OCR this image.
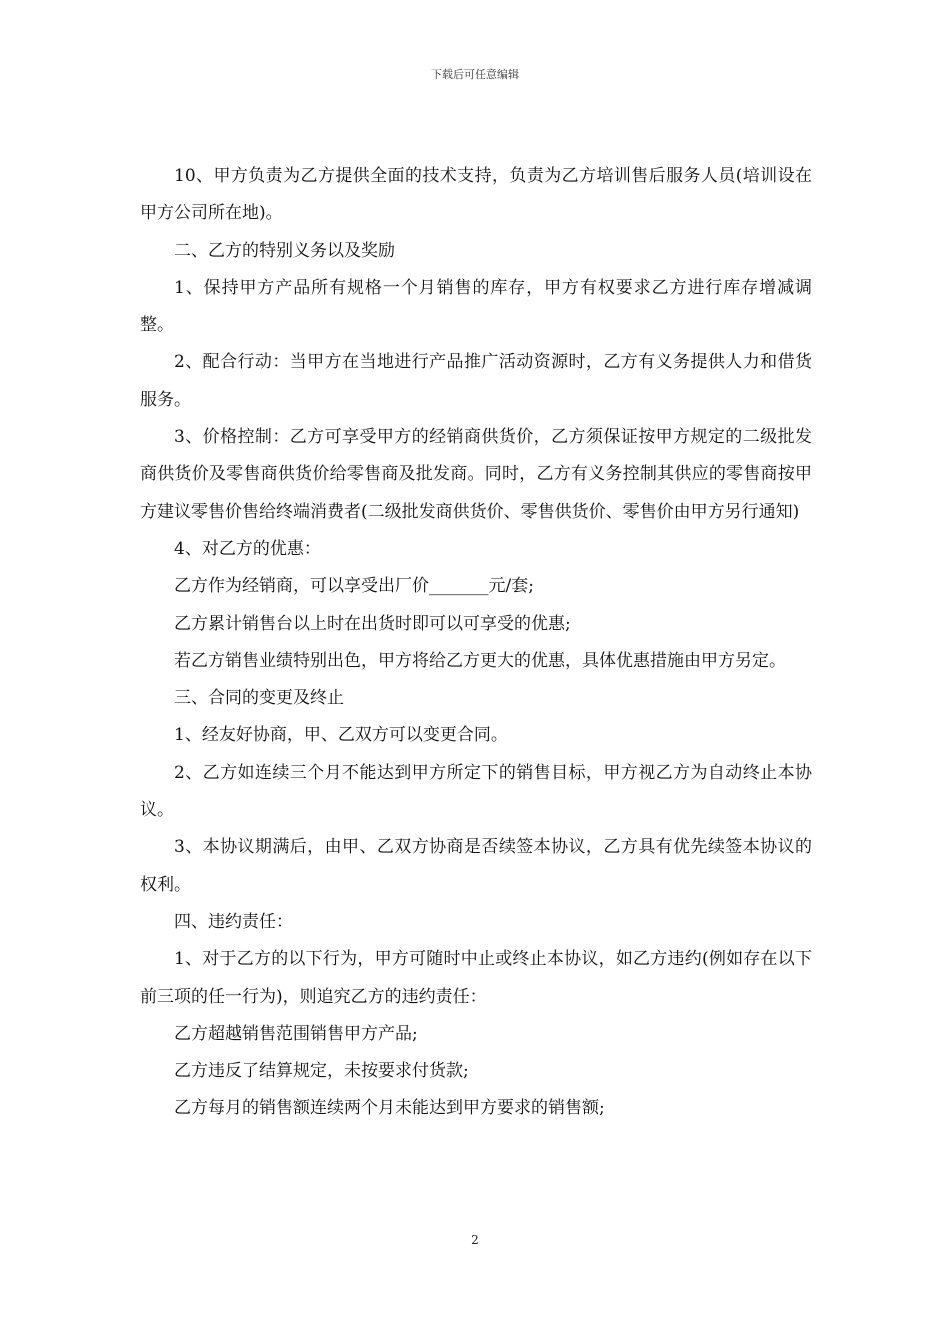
下载后可任意编辑

10、甲方负责为乙方提供全面的技术支持，负责为乙方培训售后服务人员(培训设在甲方公司所在地)。

二、乙方的特别义务以及奖励

1、保持甲方产品所有规格一个月销售的库存，甲方有权要求乙方进行库存增减调整。

2、配合行动：当甲方在当地进行产品推广活动资源时，乙方有义务提供人力和借货服务。

3、价格控制：乙方可享受甲方的经销商供货价，乙方须保证按甲方规定的二级批发商供货价及零售商供货价给零售商及批发商。同时，乙方有义务控制其供应的零售商按甲方建议零售价售给终端消费者(二级批发商供货价、零售供货价、零售价由甲方另行通知)

4、对乙方的优惠：

乙方作为经销商，可以享受出厂价_______元/套;

乙方累计销售台以上时在出货时即可以可享受的优惠;

若乙方销售业绩特别出色，甲方将给乙方更大的优惠，具体优惠措施由甲方另定。

三、合同的变更及终止

1、经友好协商，甲、乙双方可以变更合同。

2、乙方如连续三个月不能达到甲方所定下的销售目标，甲方视乙方为自动终止本协议。

3、本协议期满后，由甲、乙双方协商是否续签本协议，乙方具有优先续签本协议的权利。

四、违约责任：

1、对于乙方的以下行为，甲方可随时中止或终止本协议，如乙方违约(例如存在以下前三项的任一行为)，则追究乙方的违约责任：

乙方超越销售范围销售甲方产品;

乙方违反了结算规定，未按要求付货款;

乙方每月的销售额连续两个月未能达到甲方要求的销售额;

2
